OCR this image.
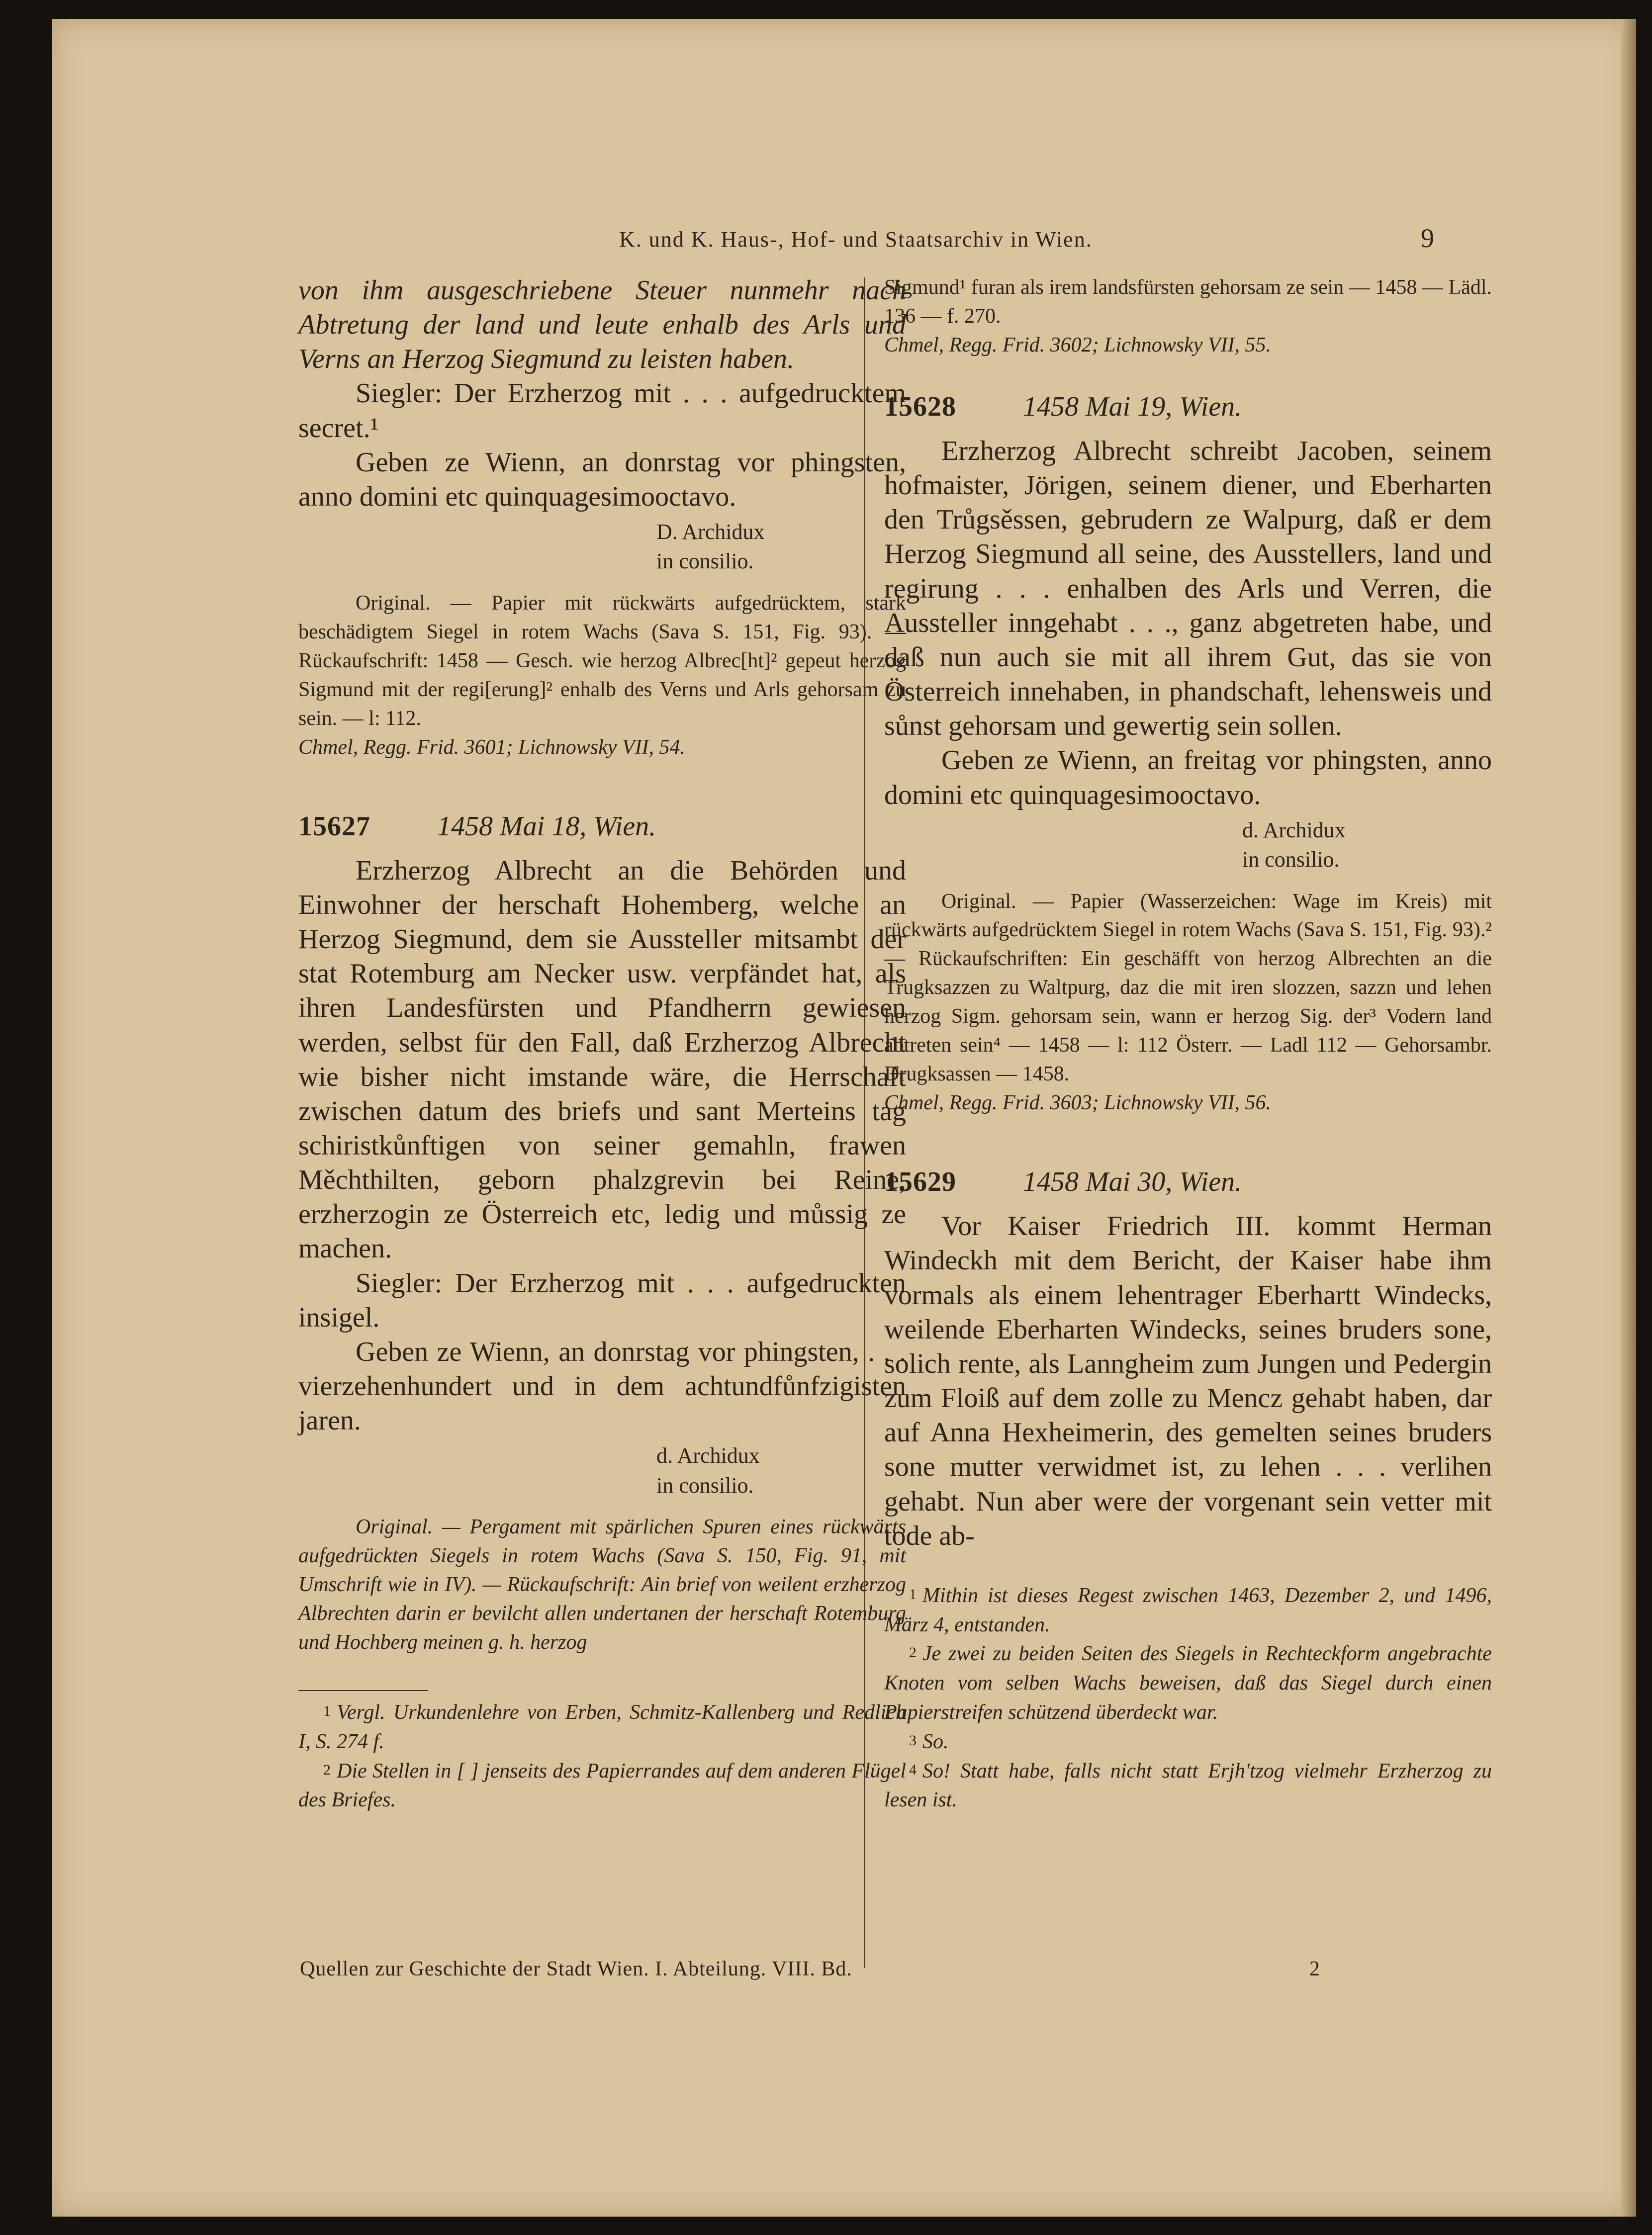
K. und K. Haus-, Hof- und Staatsarchiv in Wien.	9

von ihm ausgeschriebene Steuer nunmehr nach Abtretung der land und leute enhalb des Arls und Verns an Herzog Siegmund zu leisten haben.

Siegler: Der Erzherzog mit . . . aufgedrucktem secret.¹

Geben ze Wienn, an donrstag vor phingsten, anno domini etc quinquagesimooctavo.

D. Archidux
in consilio.

Original. — Papier mit rückwärts aufgedrücktem, stark beschädigtem Siegel in rotem Wachs (Sava S. 151, Fig. 93). — Rückaufschrift: 1458 — Gesch. wie herzog Albrec[ht]² gepeut herzog Sigmund mit der regi[erung]² enhalb des Verns und Arls gehorsam zu sein. — l: 112.

Chmel, Regg. Frid. 3601; Lichnowsky VII, 54.

15627 1458 Mai 18, Wien.

Erzherzog Albrecht an die Behörden und Einwohner der herschaft Hohemberg, welche an Herzog Siegmund, dem sie Aussteller mitsambt der stat Rotemburg am Necker usw. verpfändet hat, als ihren Landesfürsten und Pfandherrn gewiesen werden, selbst für den Fall, daß Erzherzog Albrecht wie bisher nicht imstande wäre, die Herrschaft zwischen datum des briefs und sant Merteins tag schiristkůnftigen von seiner gemahln, frawen Měchthilten, geborn phalzgrevin bei Reine, erzherzogin ze Österreich etc, ledig und můssig ze machen.

Siegler: Der Erzherzog mit . . . aufgedruckten insigel.

Geben ze Wienn, an donrstag vor phingsten, . . . vierzehenhundert und in dem achtundfůnfzigisten jaren.

d. Archidux
in consilio.

Original. — Pergament mit spärlichen Spuren eines rückwärts aufgedrückten Siegels in rotem Wachs (Sava S. 150, Fig. 91, mit Umschrift wie in IV). — Rückaufschrift: Ain brief von weilent erzherzog Albrechten darin er bevilcht allen undertanen der herschaft Rotemburg und Hochberg meinen g. h. herzog

1 Vergl. Urkundenlehre von Erben, Schmitz-Kallenberg und Redlich I, S. 274 f.

2 Die Stellen in [ ] jenseits des Papierrandes auf dem anderen Flügel des Briefes.

Sigmund¹ furan als irem landsfürsten gehorsam ze sein — 1458 — Lädl. 136 — f. 270.

Chmel, Regg. Frid. 3602; Lichnowsky VII, 55.

15628 1458 Mai 19, Wien.

Erzherzog Albrecht schreibt Jacoben, seinem hofmaister, Jörigen, seinem diener, und Eberharten den Trůgsěssen, gebrudern ze Walpurg, daß er dem Herzog Siegmund all seine, des Ausstellers, land und regirung . . . enhalben des Arls und Verren, die Aussteller inngehabt . . ., ganz abgetreten habe, und daß nun auch sie mit all ihrem Gut, das sie von Österreich innehaben, in phandschaft, lehensweis und sůnst gehorsam und gewertig sein sollen.

Geben ze Wienn, an freitag vor phingsten, anno domini etc quinquagesimooctavo.

d. Archidux
in consilio.

Original. — Papier (Wasserzeichen: Wage im Kreis) mit rückwärts aufgedrücktem Siegel in rotem Wachs (Sava S. 151, Fig. 93).² — Rückaufschriften: Ein geschäfft von herzog Albrechten an die Trugksazzen zu Waltpurg, daz die mit iren slozzen, sazzn und lehen herzog Sigm. gehorsam sein, wann er herzog Sig. der³ Vodern land abtreten sein⁴ — 1458 — l: 112 Österr. — Ladl 112 — Gehorsambr. Drugksassen — 1458.

Chmel, Regg. Frid. 3603; Lichnowsky VII, 56.

15629 1458 Mai 30, Wien.

Vor Kaiser Friedrich III. kommt Herman Windeckh mit dem Bericht, der Kaiser habe ihm vormals als einem lehentrager Eberhartt Windecks, weilende Eberharten Windecks, seines bruders sone, solich rente, als Lanngheim zum Jungen und Pedergin zum Floiß auf dem zolle zu Mencz gehabt haben, dar auf Anna Hexheimerin, des gemelten seines bruders sone mutter verwidmet ist, zu lehen . . . verlihen gehabt. Nun aber were der vorgenant sein vetter mit tode ab-

1 Mithin ist dieses Regest zwischen 1463, Dezember 2, und 1496, März 4, entstanden.

2 Je zwei zu beiden Seiten des Siegels in Rechteckform angebrachte Knoten vom selben Wachs beweisen, daß das Siegel durch einen Papierstreifen schützend überdeckt war.

3 So.

4 So! Statt habe, falls nicht statt Erjh'tzog vielmehr Erzherzog zu lesen ist.

Quellen zur Geschichte der Stadt Wien. I. Abteilung. VIII. Bd.	2
